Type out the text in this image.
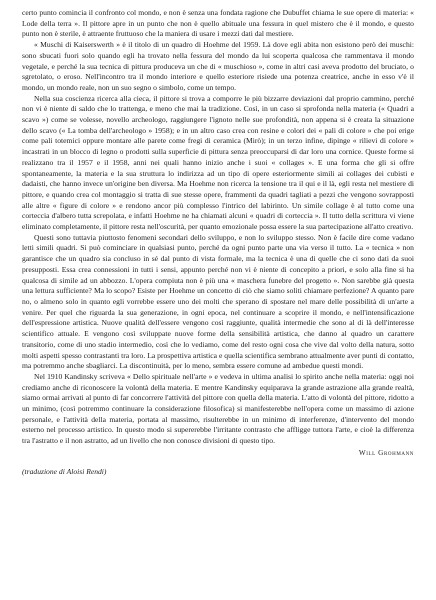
certo punto comincia il confronto col mondo, e non è senza una fondata ragione che Dubuffet chiama le sue opere di materia: « Lode della terra ». Il pittore apre in un punto che non è quello abituale una fessura in quel mistero che è il mondo, e questo punto non è sterile, è attraente fruttuoso che la maniera di usare i mezzi dati dal mestiere.

« Muschi di Kaiserswerth » è il titolo di un quadro di Hoehme del 1959. Là dove egli abita non esistono però dei muschi: sono sbucati fuori solo quando egli ha trovato nella fessura del mondo da lui scoperta qualcosa che rammentava il mondo vegetale, e perché la sua tecnica di pittura produceva un che di « muschioso », come in altri casi aveva prodotto del bruciato, o sgretolato, o eroso. Nell'incontro tra il mondo interiore e quello esteriore risiede una potenza creatrice, anche in esso v'è il mondo, un mondo reale, non un suo segno o simbolo, come un tempo.

Nella sua coscienza ricerca alla cieca, il pittore si trova a comporre le più bizzarre deviazioni dal proprio cammino, perché non vi è niente di saldo che lo trattenga, e meno che mai la tradizione. Così, in un caso si sprofonda nella materia (« Quadri a scavo ») come se volesse, novello archeologo, raggiungere l'ignoto nelle sue profondità, non appena si è creata la situazione dello scavo (« La tomba dell'archeologo » 1958); e in un altro caso crea con resine e colori dei « pali di colore » che poi erige come pali totemici oppure montare alle parete come fregi di ceramica (Mirò); in un terzo infine, dipinge « rilievi di colore » incastrati in un blocco di legno o prodotti sulla superficie di pittura senza preoccuparsi di dar loro una cornice. Queste forme si realizzano tra il 1957 e il 1958, anni nei quali hanno inizio anche i suoi « collages ». E una forma che gli si offre spontaneamente, la materia e la sua struttura lo indirizza ad un tipo di opere esteriormente simili ai collages dei cubisti e dadaisti, che hanno invece un'origine ben diversa. Ma Hoehme non ricerca la tensione tra il qui e il là, egli resta nel mestiere di pittore, e quando crea col montaggio si tratta di sue stesse opere, frammenti da quadri tagliati a pezzi che vengono sovrapposti alle altre « figure di colore » e rendono ancor più complesso l'intrico del labirinto. Un simile collage è al tutto come una corteccia d'albero tutta screpolata, e infatti Hoehme ne ha chiamati alcuni « quadri di corteccia ». Il tutto della scrittura vi viene eliminato completamente, il pittore resta nell'oscurità, per quanto emozionale possa essere la sua partecipazione all'atto creativo.

Questi sono tuttavia piuttosto fenomeni secondari dello sviluppo, e non lo sviluppo stesso. Non è facile dire come vadano letti simili quadri. Si può cominciare in qualsiasi punto, perché da ogni punto parte una via verso il tutto. La « tecnica » non garantisce che un quadro sia concluso in sé dal punto di vista formale, ma la tecnica è una di quelle che ci sono dati da suoi presupposti. Essa crea connessioni in tutti i sensi, appunto perché non vi è niente di concepito a priori, e solo alla fine si ha qualcosa di simile ad un abbozzo. L'opera compiuta non è più una « maschera funebre del progetto ». Non sarebbe già questa una lettura sufficiente? Ma lo scopo? Esiste per Hoehme un concetto di ciò che siamo soliti chiamare perfezione? A quanto pare no, o almeno solo in quanto egli vorrebbe essere uno dei molti che sperano di spostare nel mare delle possibilità di un'arte a venire. Per quel che riguarda la sua generazione, in ogni epoca, nel continuare a scoprire il mondo, e nell'intensificazione dell'espressione artistica. Nuove qualità dell'essere vengono così raggiunte, qualità intermedie che sono al di là dell'interesse scientifico attuale. E vengono così sviluppate nuove forme della sensibilità artistica, che danno al quadro un carattere transitorio, come di uno stadio intermedio, così che lo vediamo, come del resto ogni cosa che vive dal volto della natura, sotto molti aspetti spesso contrastanti tra loro. La prospettiva artistica e quella scientifica sembrano attualmente aver punti di contatto, ma potremmo anche sbagliarci. La discontinuità, per lo meno, sembra essere comune ad ambedue questi mondi.

Nel 1910 Kandinsky scriveva « Dello spirituale nell'arte » e vedeva in ultima analisi lo spirito anche nella materia: oggi noi crediamo anche di riconoscere la volontà della materia. E mentre Kandinsky equiparava la grande astrazione alla grande realtà, siamo ormai arrivati al punto di far concorrere l'attività del pittore con quella della materia. L'atto di volontà del pittore, ridotto a un minimo, (così potremmo continuare la considerazione filosofica) si manifesterebbe nell'opera come un massimo di azione personale, e l'attività della materia, portata al massimo, risulterebbe in un minimo di interferenze, d'intervento del mondo esterno nel processo artistico. In questo modo si supererebbe l'irritante contrasto che affligge tuttora l'arte, e cioè la differenza tra l'astratto e il non astratto, ad un livello che non conosce divisioni di questo tipo.

Will Grohmann
(traduzione di Aloisi Rendi)
